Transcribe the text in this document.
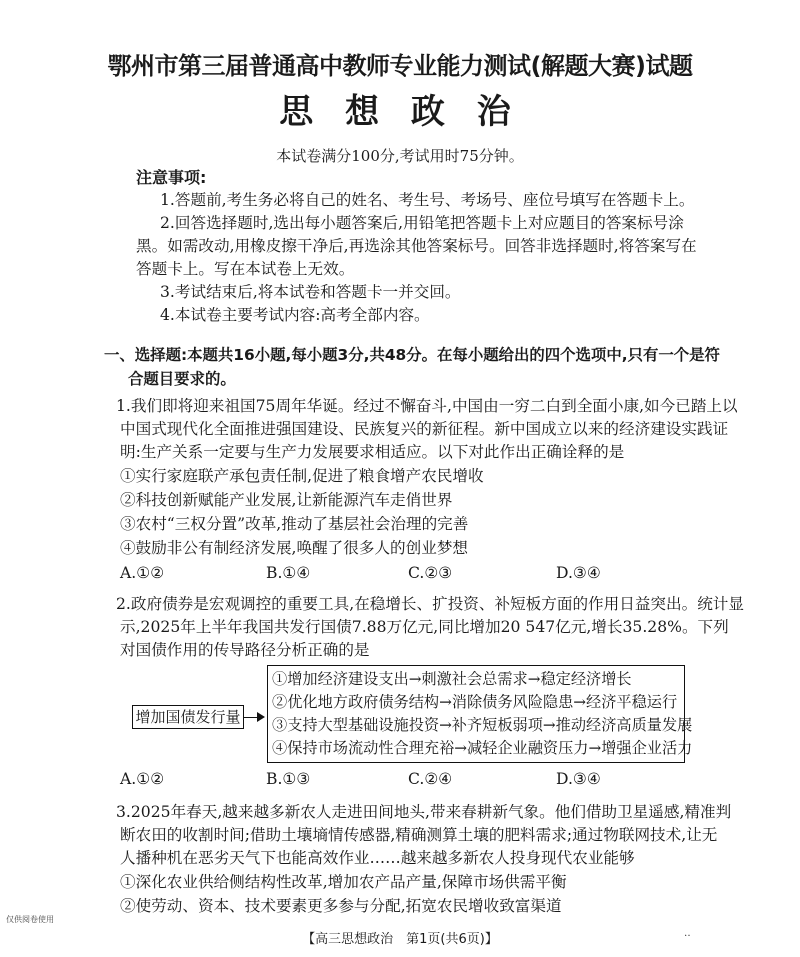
鄂州市第三届普通高中教师专业能力测试(解题大赛)试题
思 想 政 治
本试卷满分100分,考试用时75分钟。
注意事项:
1.答题前,考生务必将自己的姓名、考生号、考场号、座位号填写在答题卡上。
2.回答选择题时,选出每小题答案后,用铅笔把答题卡上对应题目的答案标号涂
黑。如需改动,用橡皮擦干净后,再选涂其他答案标号。回答非选择题时,将答案写在
答题卡上。写在本试卷上无效。
3.考试结束后,将本试卷和答题卡一并交回。
4.本试卷主要考试内容:高考全部内容。
一、选择题:本题共16小题,每小题3分,共48分。在每小题给出的四个选项中,只有一个是符
合题目要求的。
1.我们即将迎来祖国75周年华诞。经过不懈奋斗,中国由一穷二白到全面小康,如今已踏上以
中国式现代化全面推进强国建设、民族复兴的新征程。新中国成立以来的经济建设实践证
明:生产关系一定要与生产力发展要求相适应。以下对此作出正确诠释的是
①实行家庭联产承包责任制,促进了粮食增产农民增收
②科技创新赋能产业发展,让新能源汽车走俏世界
③农村“三权分置”改革,推动了基层社会治理的完善
④鼓励非公有制经济发展,唤醒了很多人的创业梦想
A.①②	B.①④	C.②③	D.③④
2.政府债券是宏观调控的重要工具,在稳增长、扩投资、补短板方面的作用日益突出。统计显
示,2025年上半年我国共发行国债7.88万亿元,同比增加20 547亿元,增长35.28%。下列
对国债作用的传导路径分析正确的是
增加国债发行量
①增加经济建设支出→刺激社会总需求→稳定经济增长
②优化地方政府债务结构→消除债务风险隐患→经济平稳运行
③支持大型基础设施投资→补齐短板弱项→推动经济高质量发展
④保持市场流动性合理充裕→减轻企业融资压力→增强企业活力
A.①②	B.①③	C.②④	D.③④
3.2025年春天,越来越多新农人走进田间地头,带来春耕新气象。他们借助卫星遥感,精准判
断农田的收割时间;借助土壤墒情传感器,精确测算土壤的肥料需求;通过物联网技术,让无
人播种机在恶劣天气下也能高效作业……越来越多新农人投身现代农业能够
①深化农业供给侧结构性改革,增加农产品产量,保障市场供需平衡
②使劳动、资本、技术要素更多参与分配,拓宽农民增收致富渠道
仅供阅卷使用
【高三思想政治　第1页(共6页)】	‥
